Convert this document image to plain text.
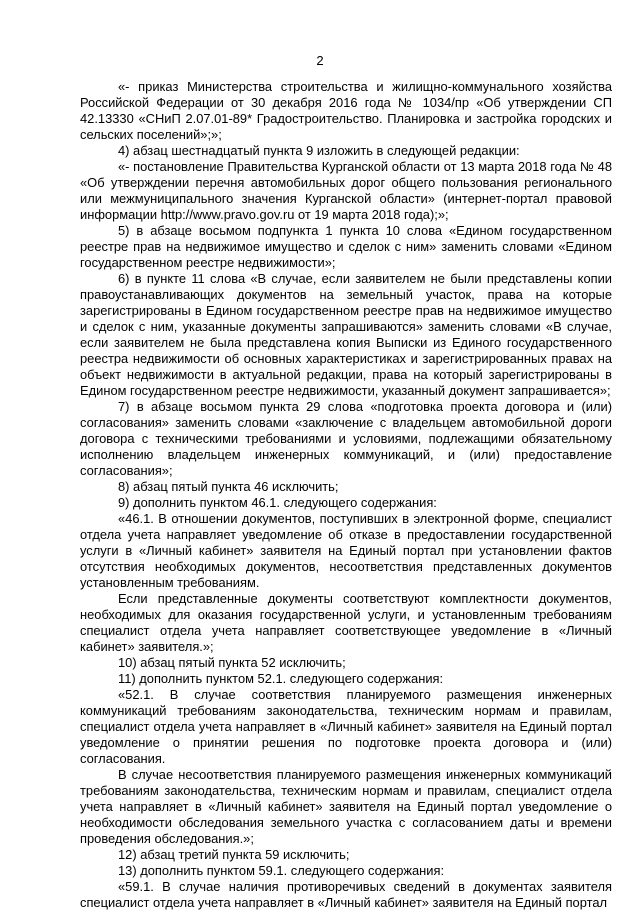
2

«- приказ Министерства строительства и жилищно-коммунального хозяйства Российской Федерации от 30 декабря 2016 года № 1034/пр «Об утверждении СП 42.13330 «СНиП 2.07.01-89* Градостроительство. Планировка и застройка городских и сельских поселений»;»;

4) абзац шестнадцатый пункта 9 изложить в следующей редакции:

«- постановление Правительства Курганской области от 13 марта 2018 года № 48 «Об утверждении перечня автомобильных дорог общего пользования регионального или межмуниципального значения Курганской области» (интернет-портал правовой информации http://www.pravo.gov.ru от 19 марта 2018 года);»;

5) в абзаце восьмом подпункта 1 пункта 10 слова «Едином государственном реестре прав на недвижимое имущество и сделок с ним» заменить словами «Едином государственном реестре недвижимости»;

6) в пункте 11 слова «В случае, если заявителем не были представлены копии правоустанавливающих документов на земельный участок, права на которые зарегистрированы в Едином государственном реестре прав на недвижимое имущество и сделок с ним, указанные документы запрашиваются» заменить словами «В случае, если заявителем не была представлена копия Выписки из Единого государственного реестра недвижимости об основных характеристиках и зарегистрированных правах на объект недвижимости в актуальной редакции, права на который зарегистрированы в Едином государственном реестре недвижимости, указанный документ запрашивается»;

7) в абзаце восьмом пункта 29 слова «подготовка проекта договора и (или) согласования» заменить словами «заключение с владельцем автомобильной дороги договора с техническими требованиями и условиями, подлежащими обязательному исполнению владельцем инженерных коммуникаций, и (или) предоставление согласования»;

8) абзац пятый пункта 46 исключить;

9) дополнить пунктом 46.1. следующего содержания:

«46.1. В отношении документов, поступивших в электронной форме, специалист отдела учета направляет уведомление об отказе в предоставлении государственной услуги в «Личный кабинет» заявителя на Единый портал при установлении фактов отсутствия необходимых документов, несоответствия представленных документов установленным требованиям.

Если представленные документы соответствуют комплектности документов, необходимых для оказания государственной услуги, и установленным требованиям специалист отдела учета направляет соответствующее уведомление в «Личный кабинет» заявителя.»;

10) абзац пятый пункта 52 исключить;

11) дополнить пунктом 52.1. следующего содержания:

«52.1. В случае соответствия планируемого размещения инженерных коммуникаций требованиям законодательства, техническим нормам и правилам, специалист отдела учета направляет в «Личный кабинет» заявителя на Единый портал уведомление о принятии решения по подготовке проекта договора и (или) согласования.

В случае несоответствия планируемого размещения инженерных коммуникаций требованиям законодательства, техническим нормам и правилам, специалист отдела учета направляет в «Личный кабинет» заявителя на Единый портал уведомление о необходимости обследования земельного участка с согласованием даты и времени проведения обследования.»;

12) абзац третий пункта 59 исключить;

13) дополнить пунктом 59.1. следующего содержания:

«59.1. В случае наличия противоречивых сведений в документах заявителя специалист отдела учета направляет в «Личный кабинет» заявителя на Единый портал
